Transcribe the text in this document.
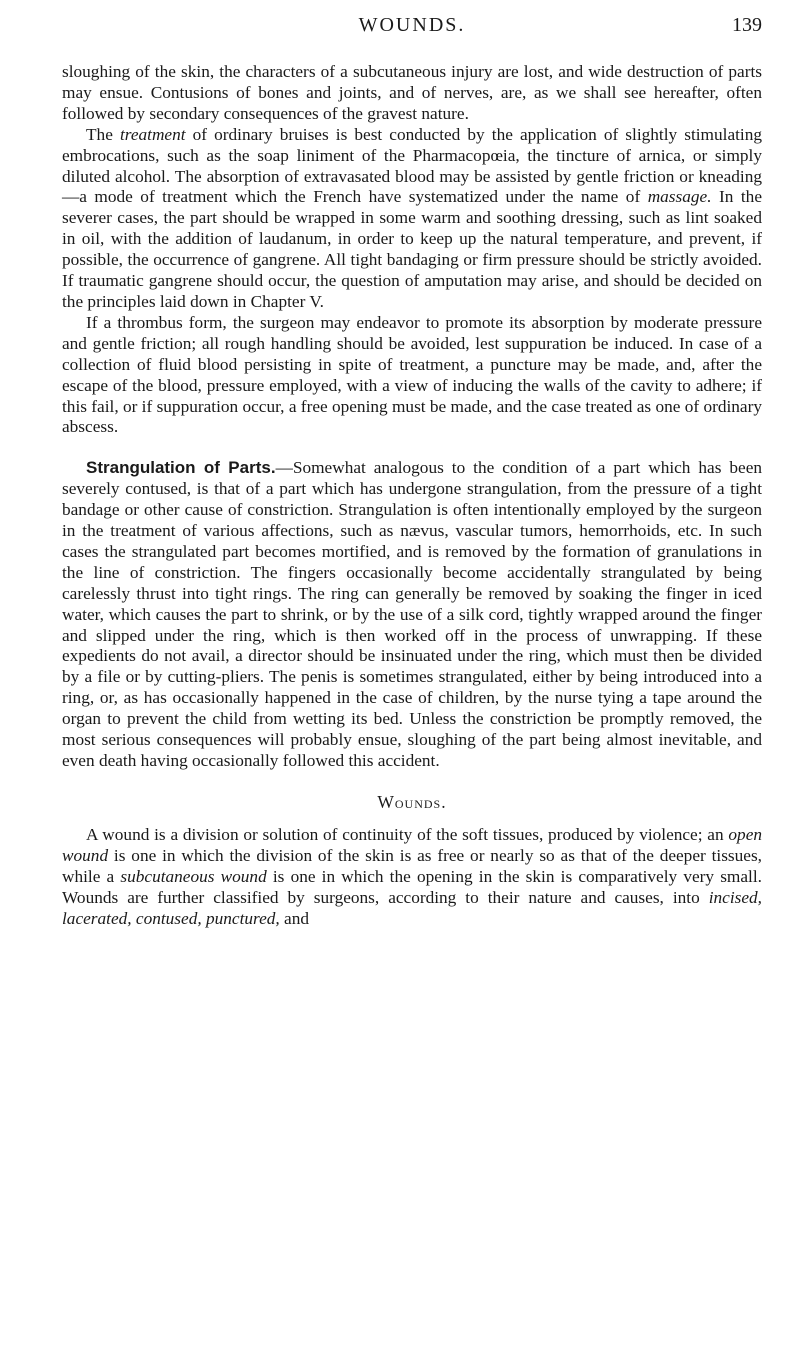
WOUNDS.	139

sloughing of the skin, the characters of a subcutaneous injury are lost, and wide destruction of parts may ensue. Contusions of bones and joints, and of nerves, are, as we shall see hereafter, often followed by secondary consequences of the gravest nature.

The treatment of ordinary bruises is best conducted by the application of slightly stimulating embrocations, such as the soap liniment of the Pharmacopœia, the tincture of arnica, or simply diluted alcohol. The absorption of extravasated blood may be assisted by gentle friction or kneading—a mode of treatment which the French have systematized under the name of massage. In the severer cases, the part should be wrapped in some warm and soothing dressing, such as lint soaked in oil, with the addition of laudanum, in order to keep up the natural temperature, and prevent, if possible, the occurrence of gangrene. All tight bandaging or firm pressure should be strictly avoided. If traumatic gangrene should occur, the question of amputation may arise, and should be decided on the principles laid down in Chapter V.

If a thrombus form, the surgeon may endeavor to promote its absorption by moderate pressure and gentle friction; all rough handling should be avoided, lest suppuration be induced. In case of a collection of fluid blood persisting in spite of treatment, a puncture may be made, and, after the escape of the blood, pressure employed, with a view of inducing the walls of the cavity to adhere; if this fail, or if suppuration occur, a free opening must be made, and the case treated as one of ordinary abscess.

Strangulation of Parts.—Somewhat analogous to the condition of a part which has been severely contused, is that of a part which has undergone strangulation, from the pressure of a tight bandage or other cause of constriction. Strangulation is often intentionally employed by the surgeon in the treatment of various affections, such as nævus, vascular tumors, hemorrhoids, etc. In such cases the strangulated part becomes mortified, and is removed by the formation of granulations in the line of constriction. The fingers occasionally become accidentally strangulated by being carelessly thrust into tight rings. The ring can generally be removed by soaking the finger in iced water, which causes the part to shrink, or by the use of a silk cord, tightly wrapped around the finger and slipped under the ring, which is then worked off in the process of unwrapping. If these expedients do not avail, a director should be insinuated under the ring, which must then be divided by a file or by cutting-pliers. The penis is sometimes strangulated, either by being introduced into a ring, or, as has occasionally happened in the case of children, by the nurse tying a tape around the organ to prevent the child from wetting its bed. Unless the constriction be promptly removed, the most serious consequences will probably ensue, sloughing of the part being almost inevitable, and even death having occasionally followed this accident.

Wounds.

A wound is a division or solution of continuity of the soft tissues, produced by violence; an open wound is one in which the division of the skin is as free or nearly so as that of the deeper tissues, while a subcutaneous wound is one in which the opening in the skin is comparatively very small. Wounds are further classified by surgeons, according to their nature and causes, into incised, lacerated, contused, punctured, and
